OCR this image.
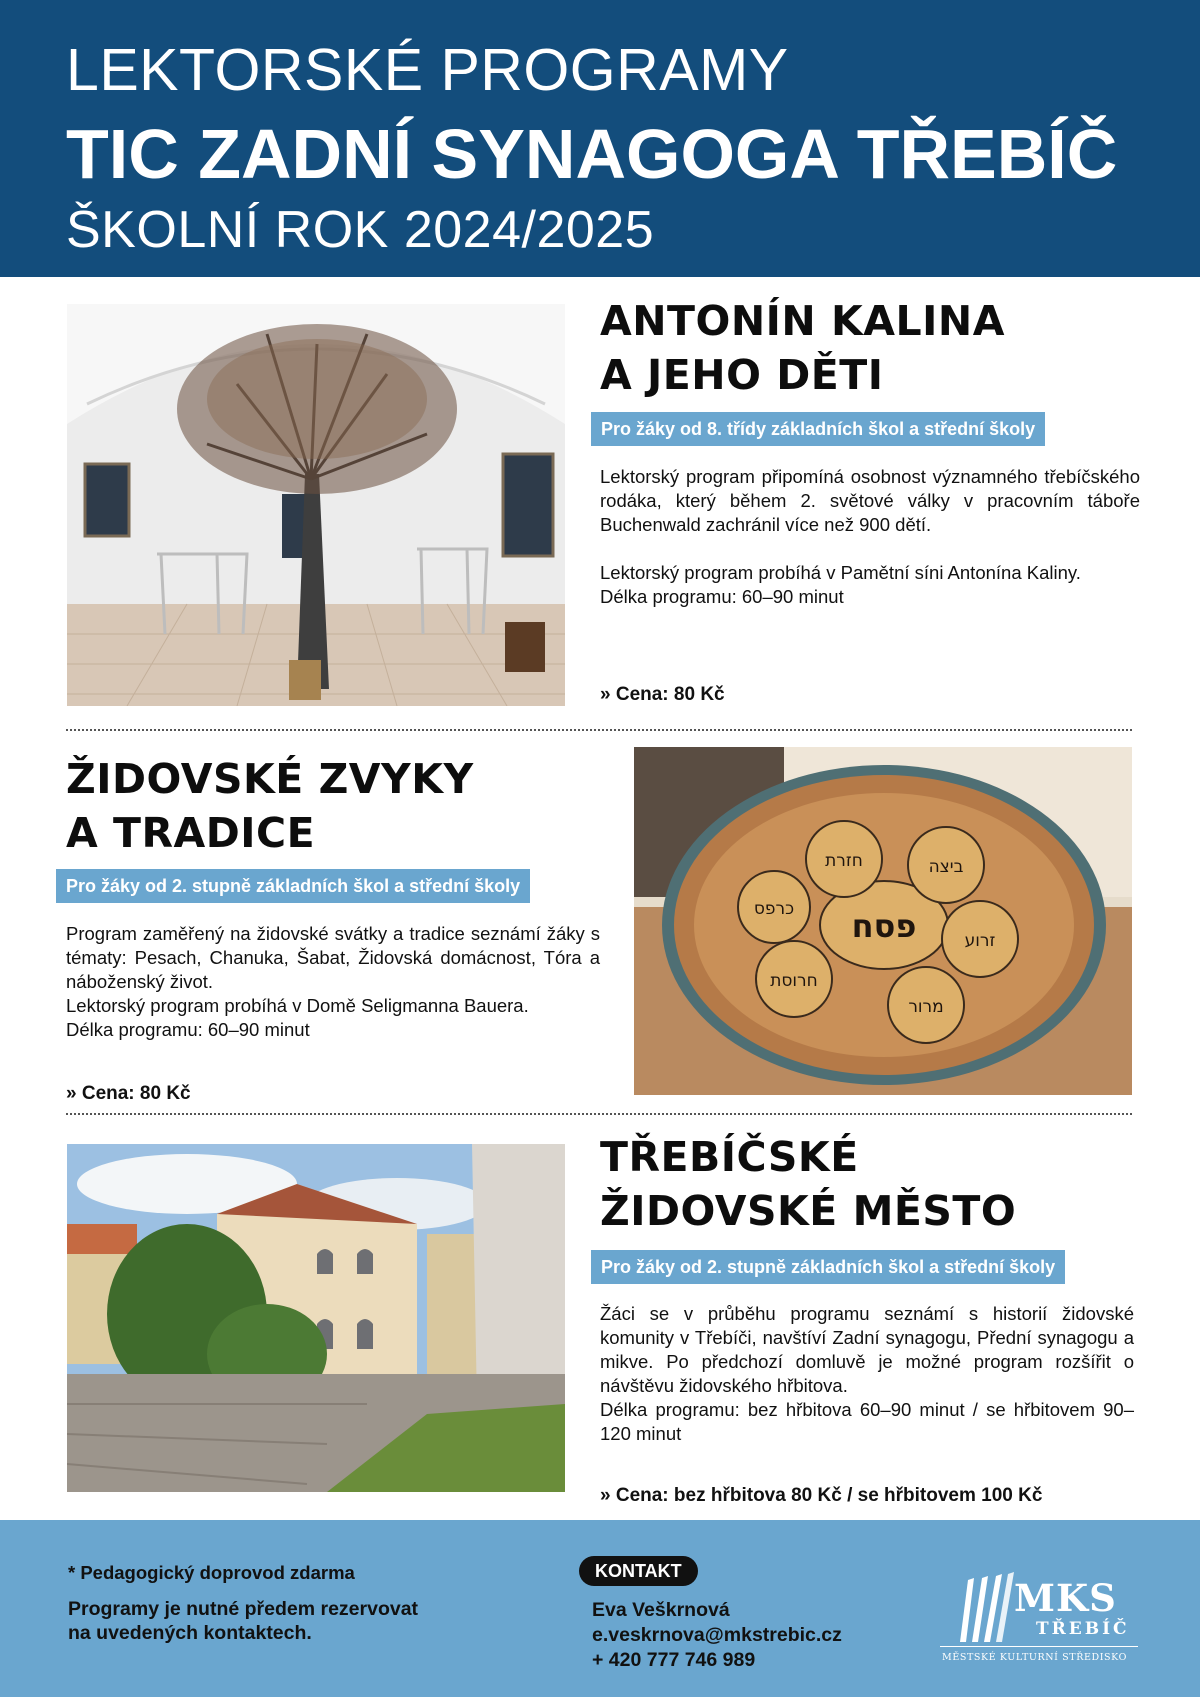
LEKTORSKÉ PROGRAMY
TIC ZADNÍ SYNAGOGA TŘEBÍČ
ŠKOLNÍ ROK 2024/2025
ANTONÍN KALINA
A JEHO DĚTI
Pro žáky od 8. třídy základních škol a střední školy

Lektorský program připomíná osobnost významného třebíčského rodáka, který během 2. světové války v pracovním táboře Buchenwald zachránil více než 900 dětí.

Lektorský program probíhá v Pamětní síni Antonína Kaliny.

Délka programu: 60–90 minut

» Cena: 80 Kč
ŽIDOVSKÉ ZVYKY
A TRADICE
Pro žáky od 2. stupně základních škol a střední školy

Program zaměřený na židovské svátky a tradice seznámí žáky s tématy: Pesach, Chanuka, Šabat, Židovská domácnost, Tóra a náboženský život.

Lektorský program probíhá v Domě Seligmanna Bauera.

Délka programu: 60–90 minut

» Cena: 80 Kč
פסח
ביצה
זרוע
מרור
חרוסת
כרפס
חזרת
TŘEBÍČSKÉ
ŽIDOVSKÉ MĚSTO
Pro žáky od 2. stupně základních škol a střední školy

Žáci se v průběhu programu seznámí s historií židovské komunity v Třebíči, navštíví Zadní synagogu, Přední synagogu a mikve. Po předchozí domluvě je možné program rozšířit o návštěvu židovského hřbitova.

Délka programu: bez hřbitova 60–90 minut / se hřbitovem 90–120 minut

» Cena: bez hřbitova 80 Kč / se hřbitovem 100 Kč
* Pedagogický doprovod zdarma
Programy je nutné předem rezervovat
na uvedených kontaktech.
KONTAKT
Eva Veškrnová
e.veskrnova@mkstrebic.cz
+ 420 777 746 989
MKS
TŘEBÍČ
MĚSTSKÉ KULTURNÍ STŘEDISKO
